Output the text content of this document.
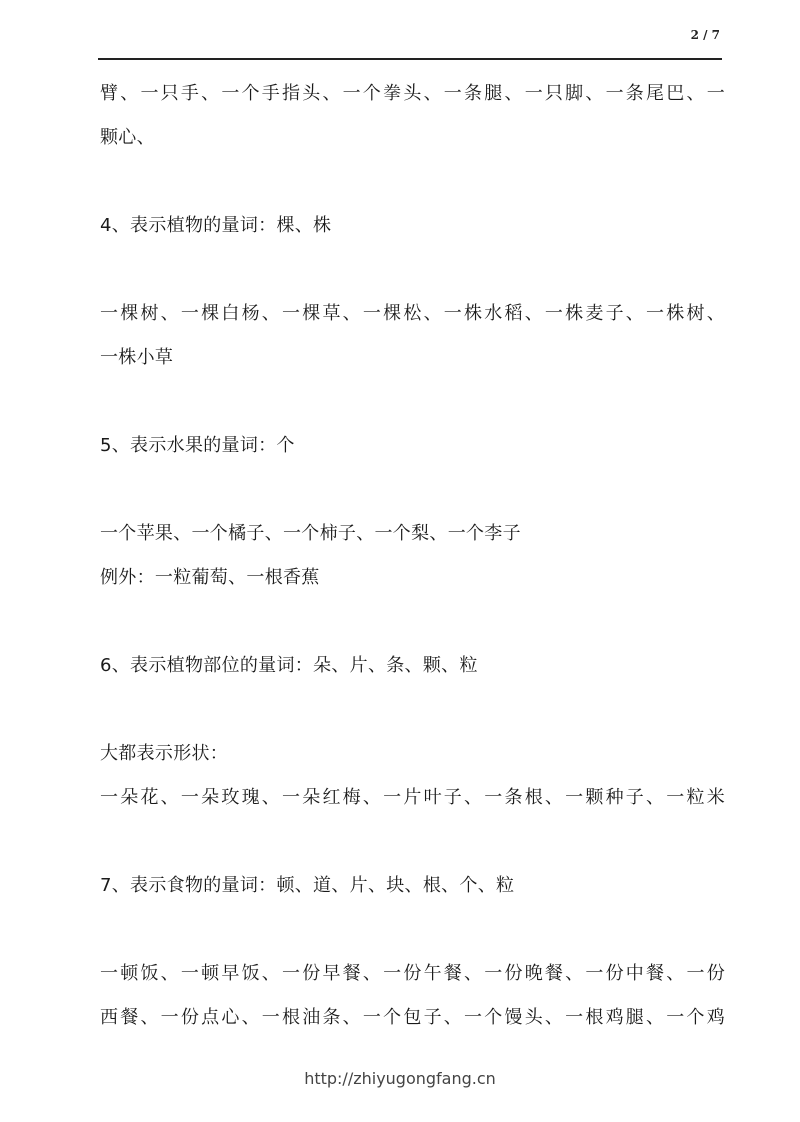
2 / 7
臂、一只手、一个手指头、一个拳头、一条腿、一只脚、一条尾巴、一
颗心、
4、表示植物的量词：棵、株
一棵树、一棵白杨、一棵草、一棵松、一株水稻、一株麦子、一株树、
一株小草
5、表示水果的量词：个
一个苹果、一个橘子、一个柿子、一个梨、一个李子
例外：一粒葡萄、一根香蕉
6、表示植物部位的量词：朵、片、条、颗、粒
大都表示形状：
一朵花、一朵玫瑰、一朵红梅、一片叶子、一条根、一颗种子、一粒米
7、表示食物的量词：顿、道、片、块、根、个、粒
一顿饭、一顿早饭、一份早餐、一份午餐、一份晚餐、一份中餐、一份
西餐、一份点心、一根油条、一个包子、一个馒头、一根鸡腿、一个鸡
http://zhiyugongfang.cn
